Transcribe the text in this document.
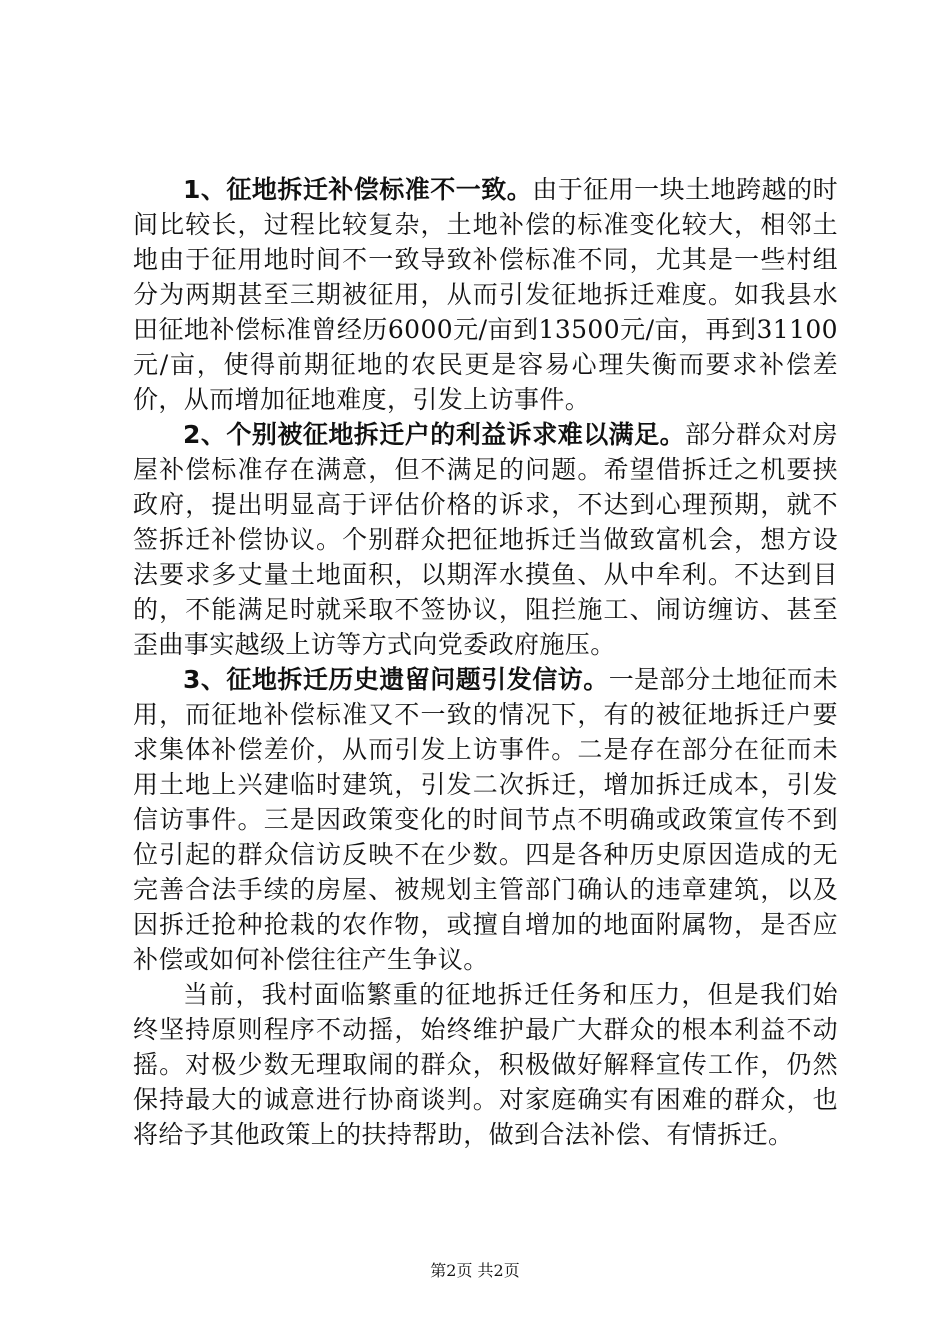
1、征地拆迁补偿标准不一致。由于征用一块土地跨越的时间比较长，过程比较复杂，土地补偿的标准变化较大，相邻土地由于征用地时间不一致导致补偿标准不同，尤其是一些村组分为两期甚至三期被征用，从而引发征地拆迁难度。如我县水田征地补偿标准曾经历6000元/亩到13500元/亩，再到31100元/亩，使得前期征地的农民更是容易心理失衡而要求补偿差价，从而增加征地难度，引发上访事件。

2、个别被征地拆迁户的利益诉求难以满足。部分群众对房屋补偿标准存在满意，但不满足的问题。希望借拆迁之机要挟政府，提出明显高于评估价格的诉求，不达到心理预期，就不签拆迁补偿协议。个别群众把征地拆迁当做致富机会，想方设法要求多丈量土地面积，以期浑水摸鱼、从中牟利。不达到目的，不能满足时就采取不签协议，阻拦施工、闹访缠访、甚至歪曲事实越级上访等方式向党委政府施压。

3、征地拆迁历史遗留问题引发信访。一是部分土地征而未用，而征地补偿标准又不一致的情况下，有的被征地拆迁户要求集体补偿差价，从而引发上访事件。二是存在部分在征而未用土地上兴建临时建筑，引发二次拆迁，增加拆迁成本，引发信访事件。三是因政策变化的时间节点不明确或政策宣传不到位引起的群众信访反映不在少数。四是各种历史原因造成的无完善合法手续的房屋、被规划主管部门确认的违章建筑，以及因拆迁抢种抢栽的农作物，或擅自增加的地面附属物，是否应补偿或如何补偿往往产生争议。

当前，我村面临繁重的征地拆迁任务和压力，但是我们始终坚持原则程序不动摇，始终维护最广大群众的根本利益不动摇。对极少数无理取闹的群众，积极做好解释宣传工作，仍然保持最大的诚意进行协商谈判。对家庭确实有困难的群众，也将给予其他政策上的扶持帮助，做到合法补偿、有情拆迁。

第2页 共2页
